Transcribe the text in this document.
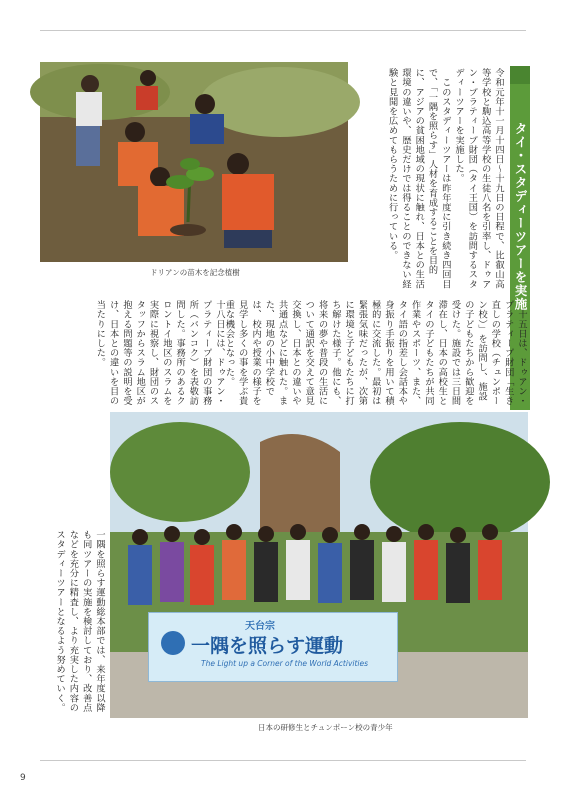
ドリアンの苗木を記念植樹	タイ・スタディーツアーを実施
令和元年十一月十四日〜十九日の日程で、比叡山高等学校と駒込高等学校の生徒八名を引率し、ドゥアン・プラティープ財団（タイ王国）を訪問するスタディーツアーを実施した。
　このスタディーツアーは昨年度に引き続き四回目で、「一隅を照らす」人材を育成することを目的に、アジアの貧困地域の現状に触れ、日本との生活環境の違いや、歴史だけでは得ることのできない経験と見聞を広めてもらうために行っている。
　十五日は、ドゥアン・プラティープ財団「生き直しの学校（チュンポーン校）」を訪問し、施設の子どもたちから歓迎を受けた。施設では三日間滞在し、日本の高校生とタイの子どもたちが共同作業やスポーツ、また、タイ語の指差し会話本や身振り手振りを用いて積極的に交流した。最初は緊張気味だったが、次第に環境と子どもたちに打ち解けた様子。他にも、将来の夢や普段の生活について通訳を交えて意見交換し、日本との違いや共通点などに触れた。また、現地の小中学校では、校内や授業の様子を見学し多くの事を学ぶ貴重な機会となった。
十八日には、ドゥアン・プラティープ財団の事務所（バンコク）を表敬訪問した。事務所のあるクロントイ地区のスラムを実際に視察し、財団のスタッフからスラム地区が抱える問題等の説明を受け、日本との違いを目の当たりにした。
天台宗
一隅を照らす運動
The Light up a Corner of the World Activities
日本の研修生とチュンポーン校の青少年
一隅を照らす運動総本部では、来年度以降も同ツアーの実施を検討しており、改善点などを充分に精査し、より充実した内容のスタディーツアーとなるよう努めていく。
9
